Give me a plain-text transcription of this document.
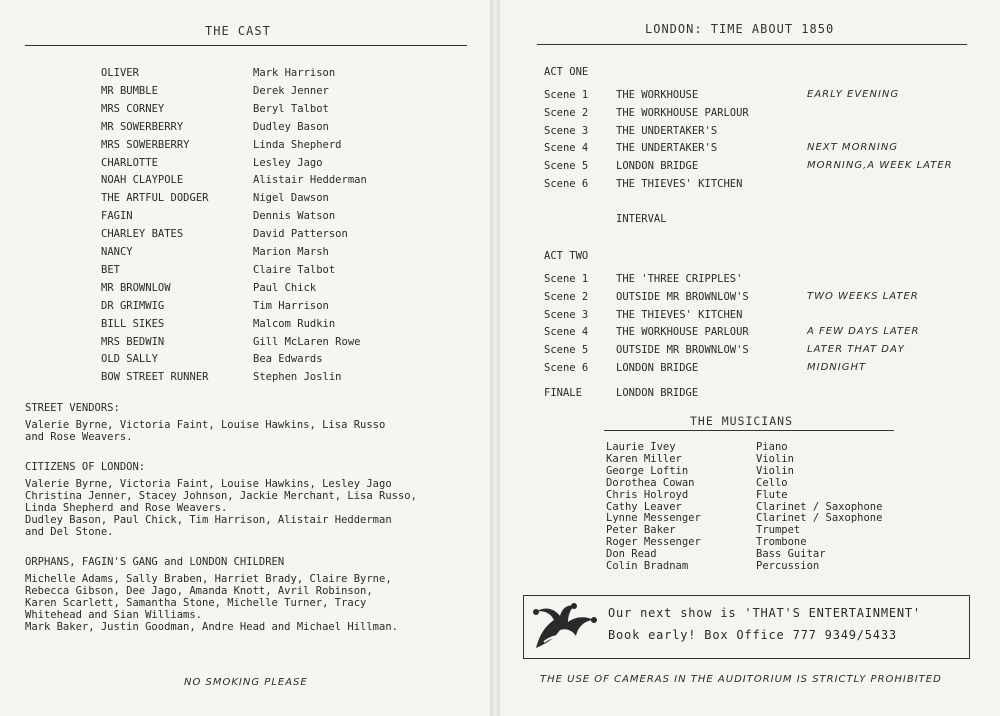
THE CAST
OLIVER	Mark Harrison
MR BUMBLE	Derek Jenner
MRS CORNEY	Beryl Talbot
MR SOWERBERRY	Dudley Bason
MRS SOWERBERRY	Linda Shepherd
CHARLOTTE	Lesley Jago
NOAH CLAYPOLE	Alistair Hedderman
THE ARTFUL DODGER	Nigel Dawson
FAGIN	Dennis Watson
CHARLEY BATES	David Patterson
NANCY	Marion Marsh
BET	Claire Talbot
MR BROWNLOW	Paul Chick
DR GRIMWIG	Tim Harrison
BILL SIKES	Malcom Rudkin
MRS BEDWIN	Gill McLaren Rowe
OLD SALLY	Bea Edwards
BOW STREET RUNNER	Stephen Joslin
STREET VENDORS:
Valerie Byrne, Victoria Faint, Louise Hawkins, Lisa Russo
and Rose Weavers.
CITIZENS OF LONDON:
Valerie Byrne, Victoria Faint, Louise Hawkins, Lesley Jago
Christina Jenner, Stacey Johnson, Jackie Merchant, Lisa Russo,
Linda Shepherd and Rose Weavers.
Dudley Bason, Paul Chick, Tim Harrison, Alistair Hedderman
and Del Stone.
ORPHANS, FAGIN'S GANG and LONDON CHILDREN
Michelle Adams, Sally Braben, Harriet Brady, Claire Byrne,
Rebecca Gibson, Dee Jago, Amanda Knott, Avril Robinson,
Karen Scarlett, Samantha Stone, Michelle Turner, Tracy
Whitehead and Sian Williams.
Mark Baker, Justin Goodman, Andre Head and Michael Hillman.
NO SMOKING PLEASE
LONDON: TIME ABOUT 1850
ACT ONE
Scene 1	THE WORKHOUSE	EARLY EVENING
Scene 2	THE WORKHOUSE PARLOUR
Scene 3	THE UNDERTAKER'S
Scene 4	THE UNDERTAKER'S	NEXT MORNING
Scene 5	LONDON BRIDGE	MORNING,A WEEK LATER
Scene 6	THE THIEVES' KITCHEN
INTERVAL
ACT TWO
Scene 1	THE 'THREE CRIPPLES'
Scene 2	OUTSIDE MR BROWNLOW'S	TWO WEEKS LATER
Scene 3	THE THIEVES' KITCHEN
Scene 4	THE WORKHOUSE PARLOUR	A FEW DAYS LATER
Scene 5	OUTSIDE MR BROWNLOW'S	LATER THAT DAY
Scene 6	LONDON BRIDGE	MIDNIGHT
FINALE	LONDON BRIDGE
THE MUSICIANS
Laurie Ivey	Piano
Karen Miller	Violin
George Loftin	Violin
Dorothea Cowan	Cello
Chris Holroyd	Flute
Cathy Leaver	Clarinet / Saxophone
Lynne Messenger	Clarinet / Saxophone
Peter Baker	Trumpet
Roger Messenger	Trombone
Don Read	Bass Guitar
Colin Bradnam	Percussion
Our next show is 'THAT'S ENTERTAINMENT'
Book early! Box Office 777 9349/5433
THE USE OF CAMERAS IN THE AUDITORIUM IS STRICTLY PROHIBITED
